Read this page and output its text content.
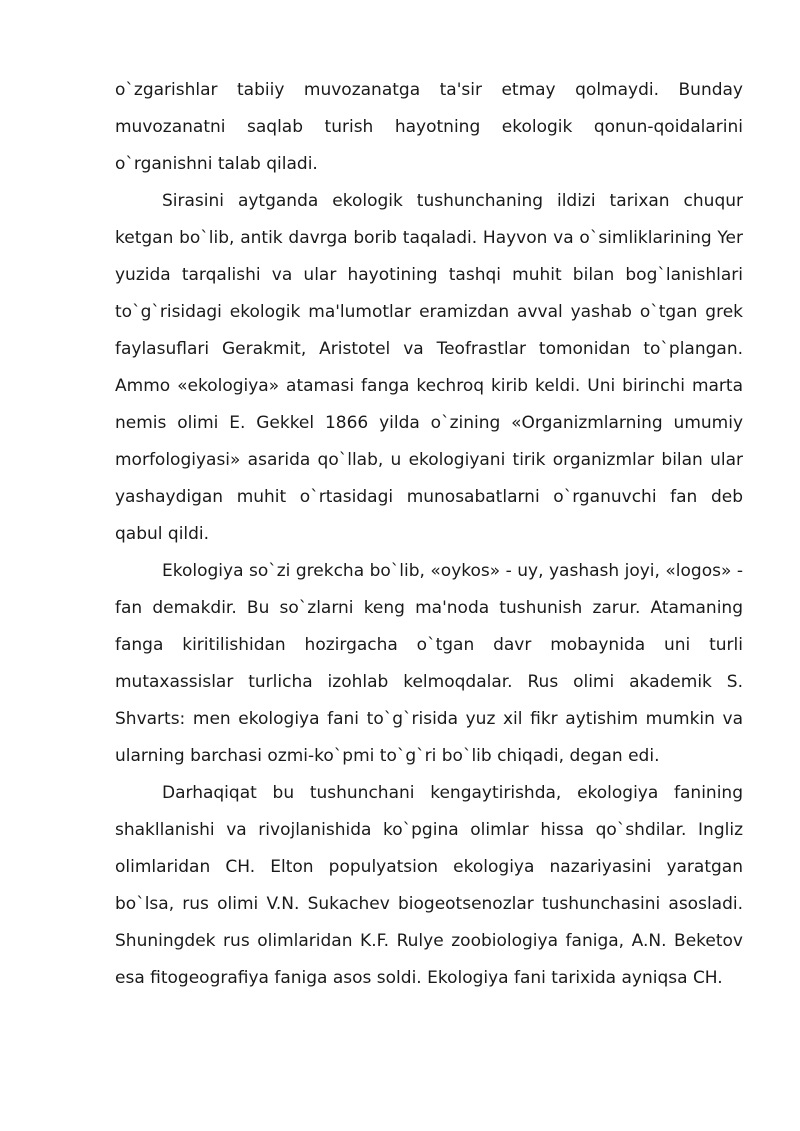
o`zgarishlar tabiiy muvozanatga ta'sir etmay qolmaydi. Bunday muvozanatni saqlab turish hayotning ekologik qonun-qoidalarini o`rganishni talab qiladi.

Sirasini aytganda ekologik tushunchaning ildizi tarixan chuqur ketgan bo`lib, antik davrga borib taqaladi. Hayvon va o`simliklarining Yer yuzida tarqalishi va ular hayotining tashqi muhit bilan bog`lanishlari to`g`risidagi ekologik ma'lumotlar eramizdan avval yashab o`tgan grek faylasuflari Gerakmit, Aristotel va Teofrastlar tomonidan to`plangan. Ammo «ekologiya» atamasi fanga kechroq kirib keldi. Uni birinchi marta nemis olimi E. Gekkel 1866 yilda o`zining «Organizmlarning umumiy morfologiyasi» asarida qo`llab, u ekologiyani tirik organizmlar bilan ular yashaydigan muhit o`rtasidagi munosabatlarni o`rganuvchi fan deb qabul qildi.

Ekologiya so`zi grekcha bo`lib, «oykos» - uy, yashash joyi, «logos» - fan demakdir. Bu so`zlarni keng ma'noda tushunish zarur. Atamaning fanga kiritilishidan hozirgacha o`tgan davr mobaynida uni turli mutaxassislar turlicha izohlab kelmoqdalar. Rus olimi akademik S. Shvarts: men ekologiya fani to`g`risida yuz xil fikr aytishim mumkin va ularning barchasi ozmi-ko`pmi to`g`ri bo`lib chiqadi, degan edi.

Darhaqiqat bu tushunchani kengaytirishda, ekologiya fanining shakllanishi va rivojlanishida ko`pgina olimlar hissa qo`shdilar. Ingliz olimlaridan CH. Elton populyatsion ekologiya nazariyasini yaratgan bo`lsa, rus olimi V.N. Sukachev biogeotsenozlar tushunchasini asosladi. Shuningdek rus olimlaridan K.F. Rulye zoobiologiya faniga, A.N. Beketov esa fitogeografiya faniga asos soldi. Ekologiya fani tarixida ayniqsa CH.
